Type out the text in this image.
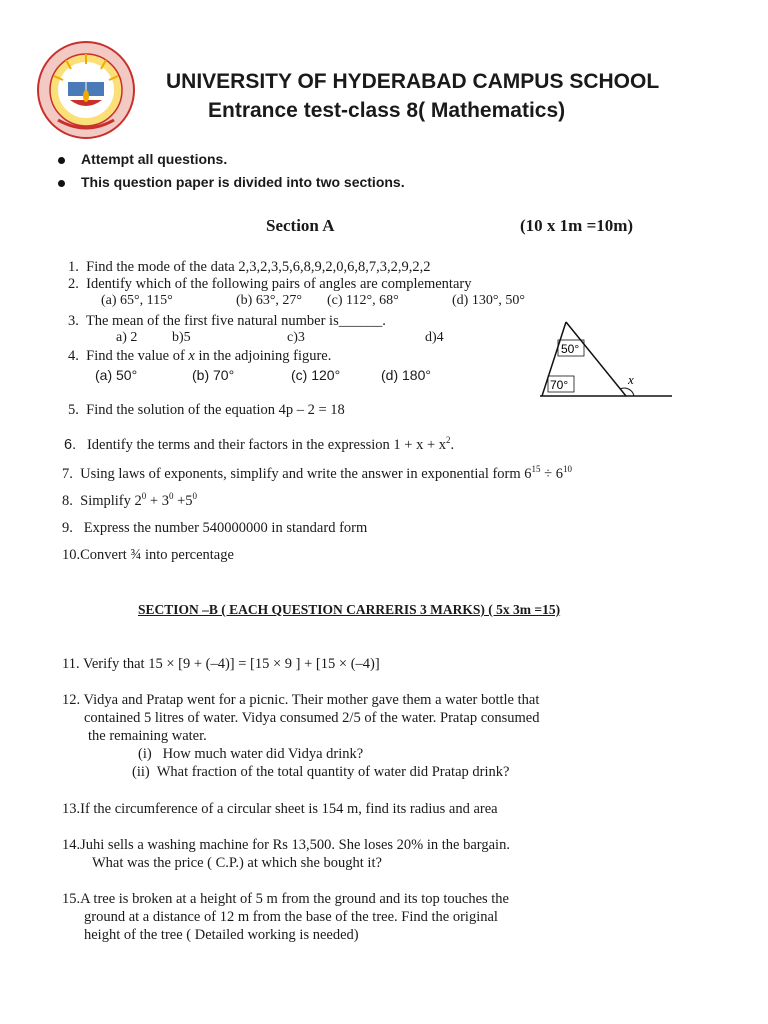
UNIVERSITY OF HYDERABAD CAMPUS SCHOOL
Entrance test-class 8( Mathematics)
Attempt all questions.
This question paper is divided into two sections.
Section A	(10 x 1m =10m)
1. Find the mode of the data 2,3,2,3,5,6,8,9,2,0,6,8,7,3,2,9,2,2
2. Identify which of the following pairs of angles are complementary
(a) 65°, 115°	(b) 63°, 27° (c) 112°, 68°	(d) 130°, 50°
3. The mean of the first five natural number is______.
a) 2 b)5	c)3	d)4
4. Find the value of x in the adjoining figure.
(a) 50°	(b) 70°	(c) 120°	(d) 180°
50°
70°	x
5. Find the solution of the equation 4p – 2 = 18
6. Identify the terms and their factors in the expression $1 + x + x^2$.
7. Using laws of exponents, simplify and write the answer in exponential form $6^{15} \div 6^{10}$
8. Simplify $2^0 + 3^0 +5^0$
9. Express the number 540000000 in standard form
10.Convert ¾ into percentage
SECTION –B ( EACH QUESTION CARRERIS 3 MARKS) ( 5x 3m =15)
11. Verify that 15 × [9 + (–4)] = [15 × 9 ] + [15 × (–4)]
12. Vidya and Pratap went for a picnic. Their mother gave them a water bottle that
contained 5 litres of water. Vidya consumed 2/5 of the water. Pratap consumed
the remaining water.
(i) How much water did Vidya drink?
(ii) What fraction of the total quantity of water did Pratap drink?
13.If the circumference of a circular sheet is 154 m, find its radius and area
14.Juhi sells a washing machine for Rs 13,500. She loses 20% in the bargain.
What was the price ( C.P.) at which she bought it?
15.A tree is broken at a height of 5 m from the ground and its top touches the
ground at a distance of 12 m from the base of the tree. Find the original
height of the tree ( Detailed working is needed)
